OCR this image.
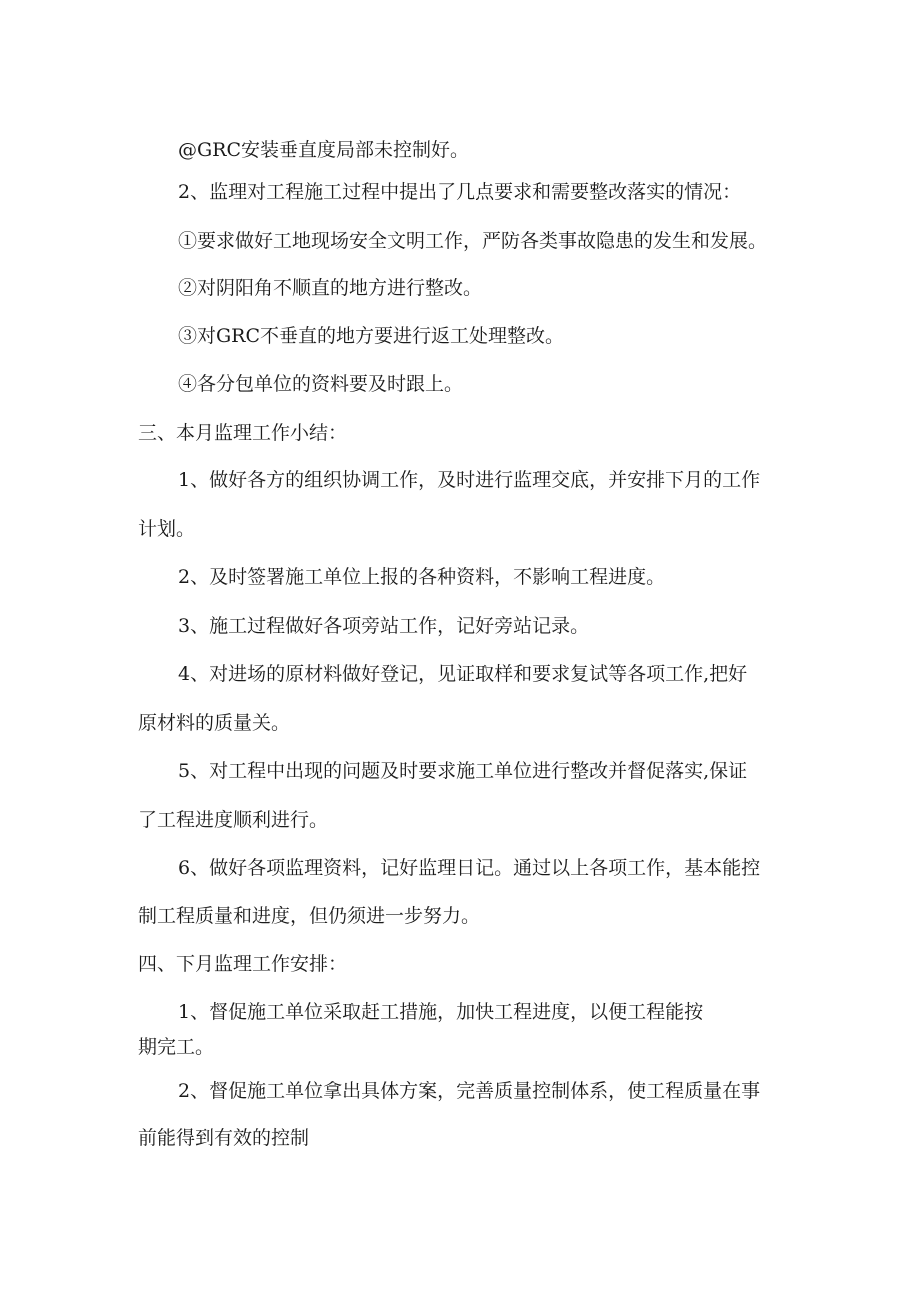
@GRC安装垂直度局部未控制好。

2、监理对工程施工过程中提出了几点要求和需要整改落实的情况：

①要求做好工地现场安全文明工作，严防各类事故隐患的发生和发展。

②对阴阳角不顺直的地方进行整改。

③对GRC不垂直的地方要进行返工处理整改。

④各分包单位的资料要及时跟上。

三、本月监理工作小结：

1、做好各方的组织协调工作，及时进行监理交底，并安排下月的工作

计划。

2、及时签署施工单位上报的各种资料，不影响工程进度。

3、施工过程做好各项旁站工作，记好旁站记录。

4、对进场的原材料做好登记，见证取样和要求复试等各项工作,把好

原材料的质量关。

5、对工程中出现的问题及时要求施工单位进行整改并督促落实,保证

了工程进度顺利进行。

6、做好各项监理资料，记好监理日记。通过以上各项工作，基本能控

制工程质量和进度，但仍须进一步努力。

四、下月监理工作安排：

1、督促施工单位采取赶工措施，加快工程进度，以便工程能按

期完工。

2、督促施工单位拿出具体方案，完善质量控制体系，使工程质量在事

前能得到有效的控制
